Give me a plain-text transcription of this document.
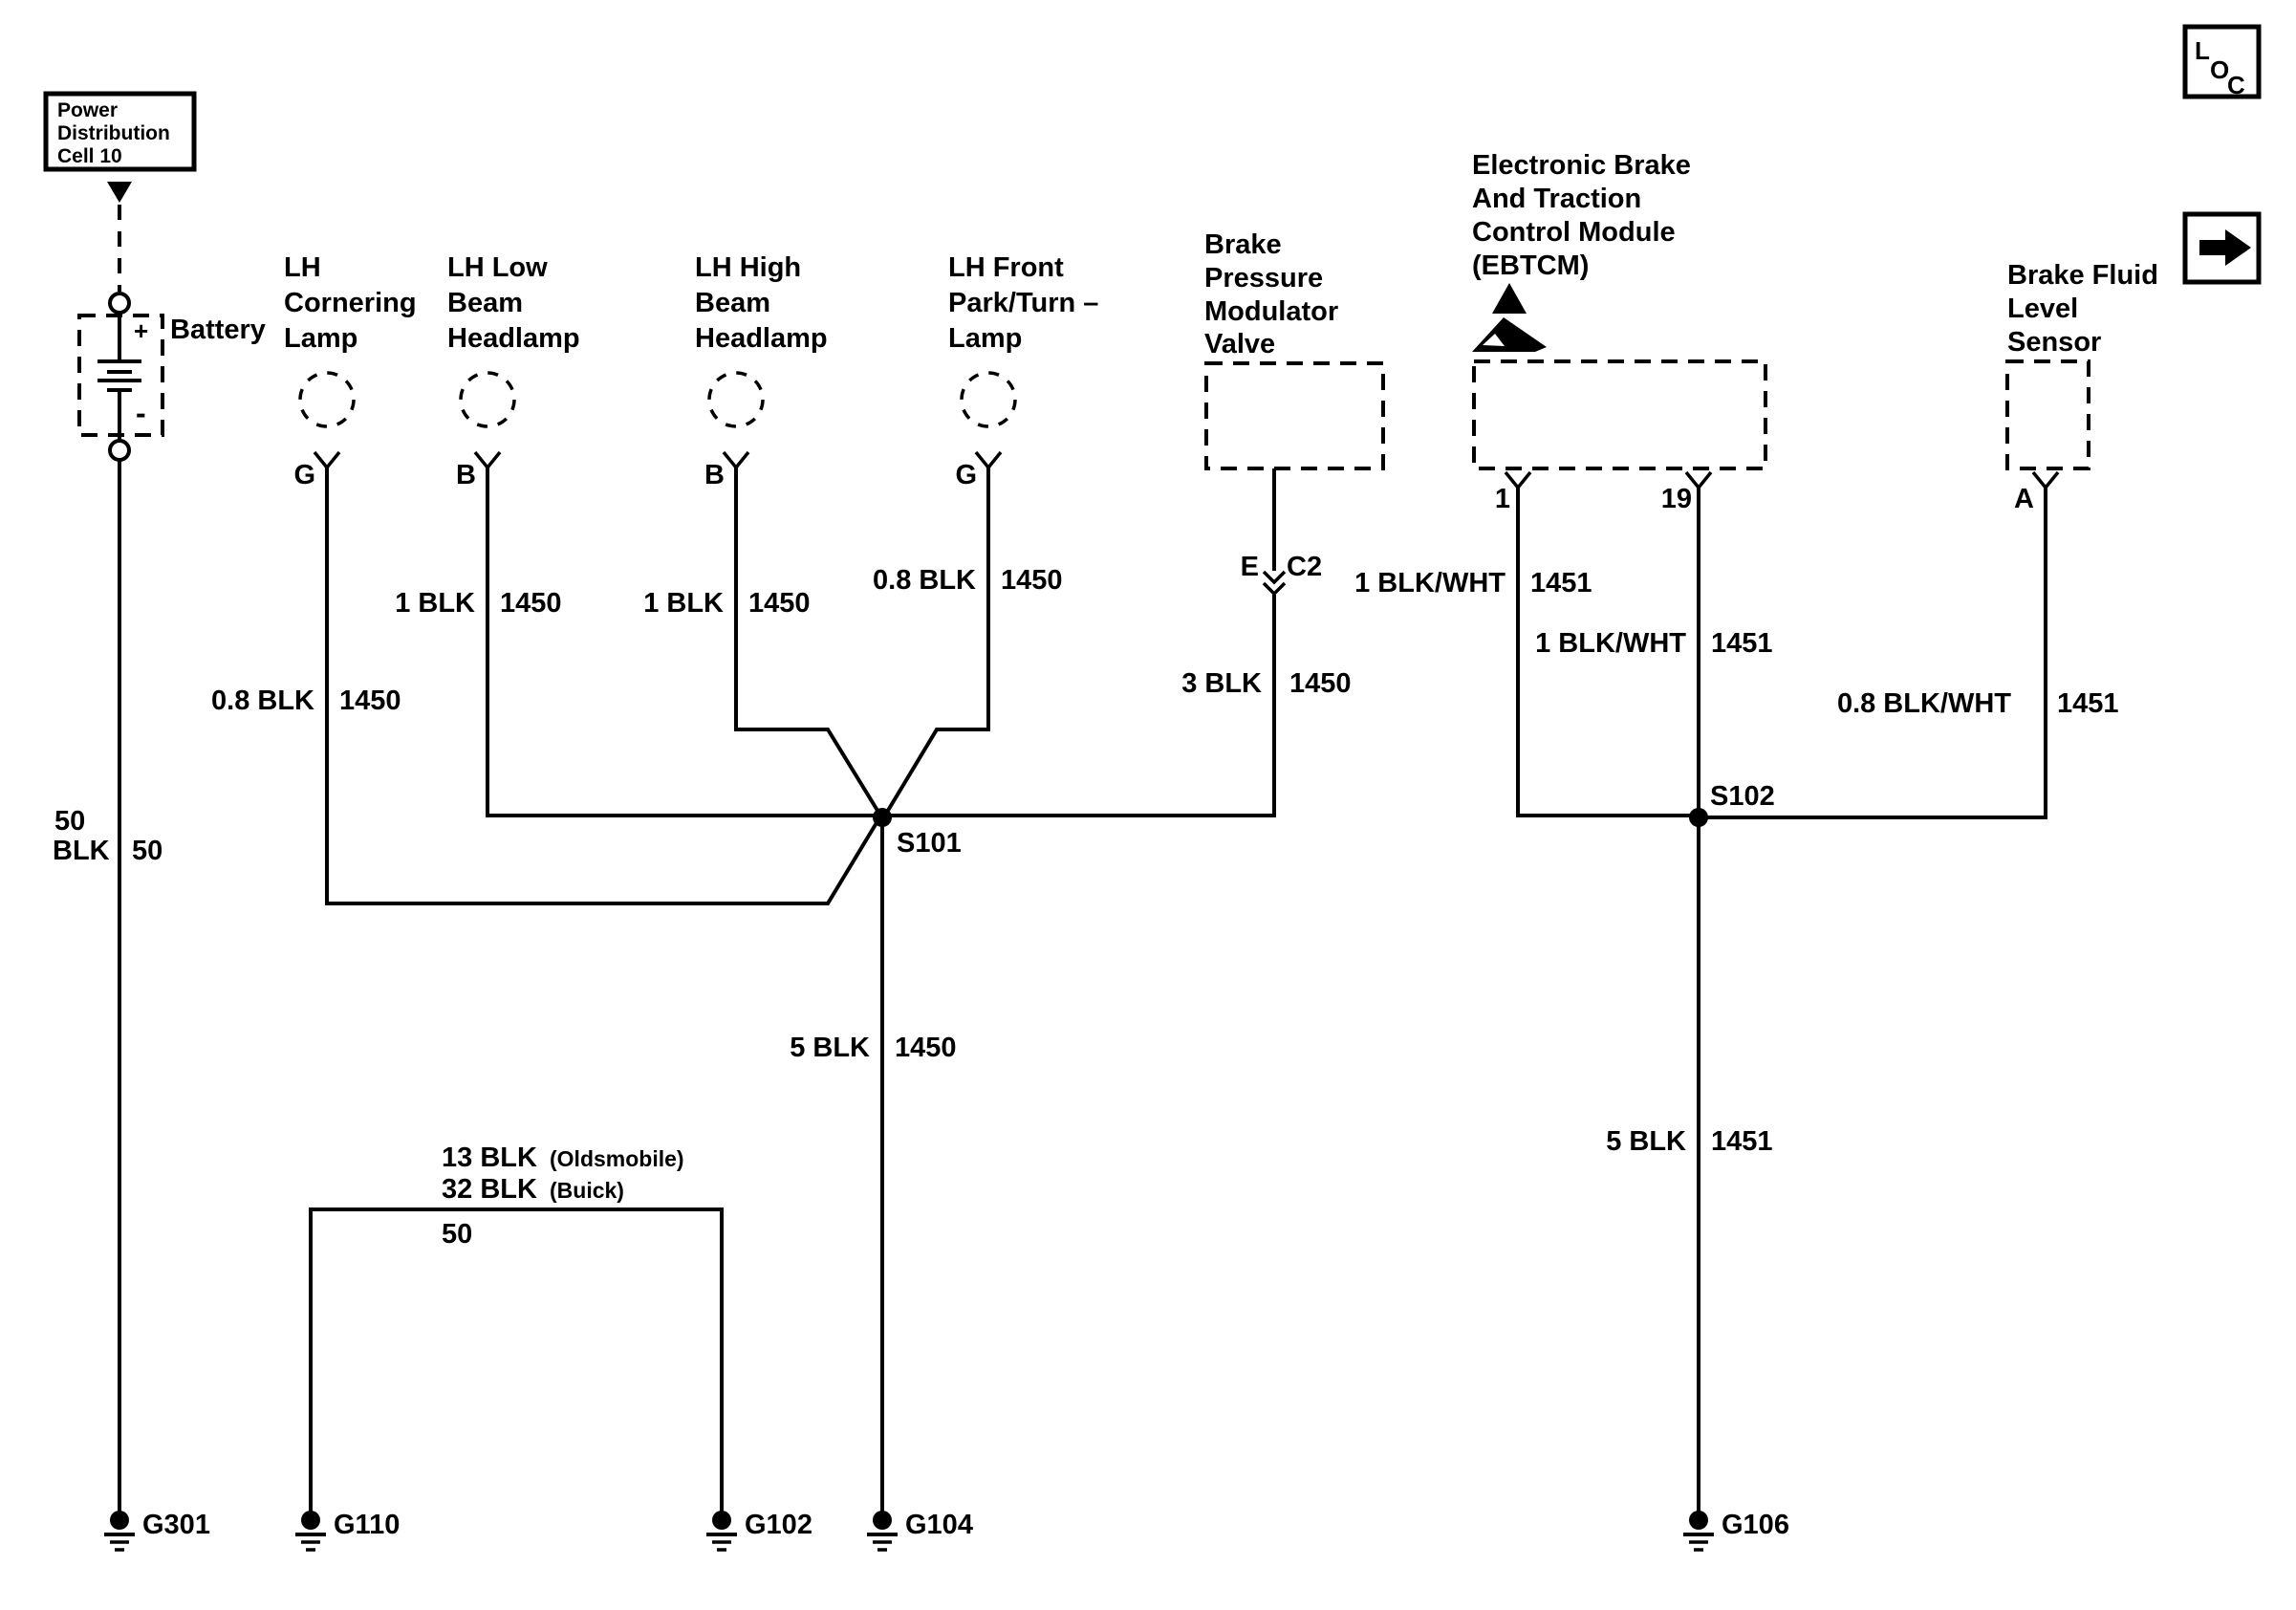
L
O
C
Power
Distribution
Cell 10
+
-
Battery
50
BLK 50
LH
Cornering
Lamp
G
0.8 BLK 1450
LH Low
Beam
Headlamp
B
1 BLK 1450
LH High
Beam
Headlamp
B
1 BLK 1450
LH Front
Park/Turn –
Lamp
G
0.8 BLK 1450
Brake
Pressure
Modulator
Valve
E C2
3 BLK 1450
Electronic Brake
And Traction
Control Module
(EBTCM)
1	19
1 BLK/WHT 1451
1 BLK/WHT 1451
Brake Fluid
Level
Sensor
A
0.8 BLK/WHT 1451
S101
5 BLK 1450
S102
5 BLK 1451
13 BLK (Oldsmobile)
32 BLK (Buick)
50
G301	G110	G102	G104	G106
